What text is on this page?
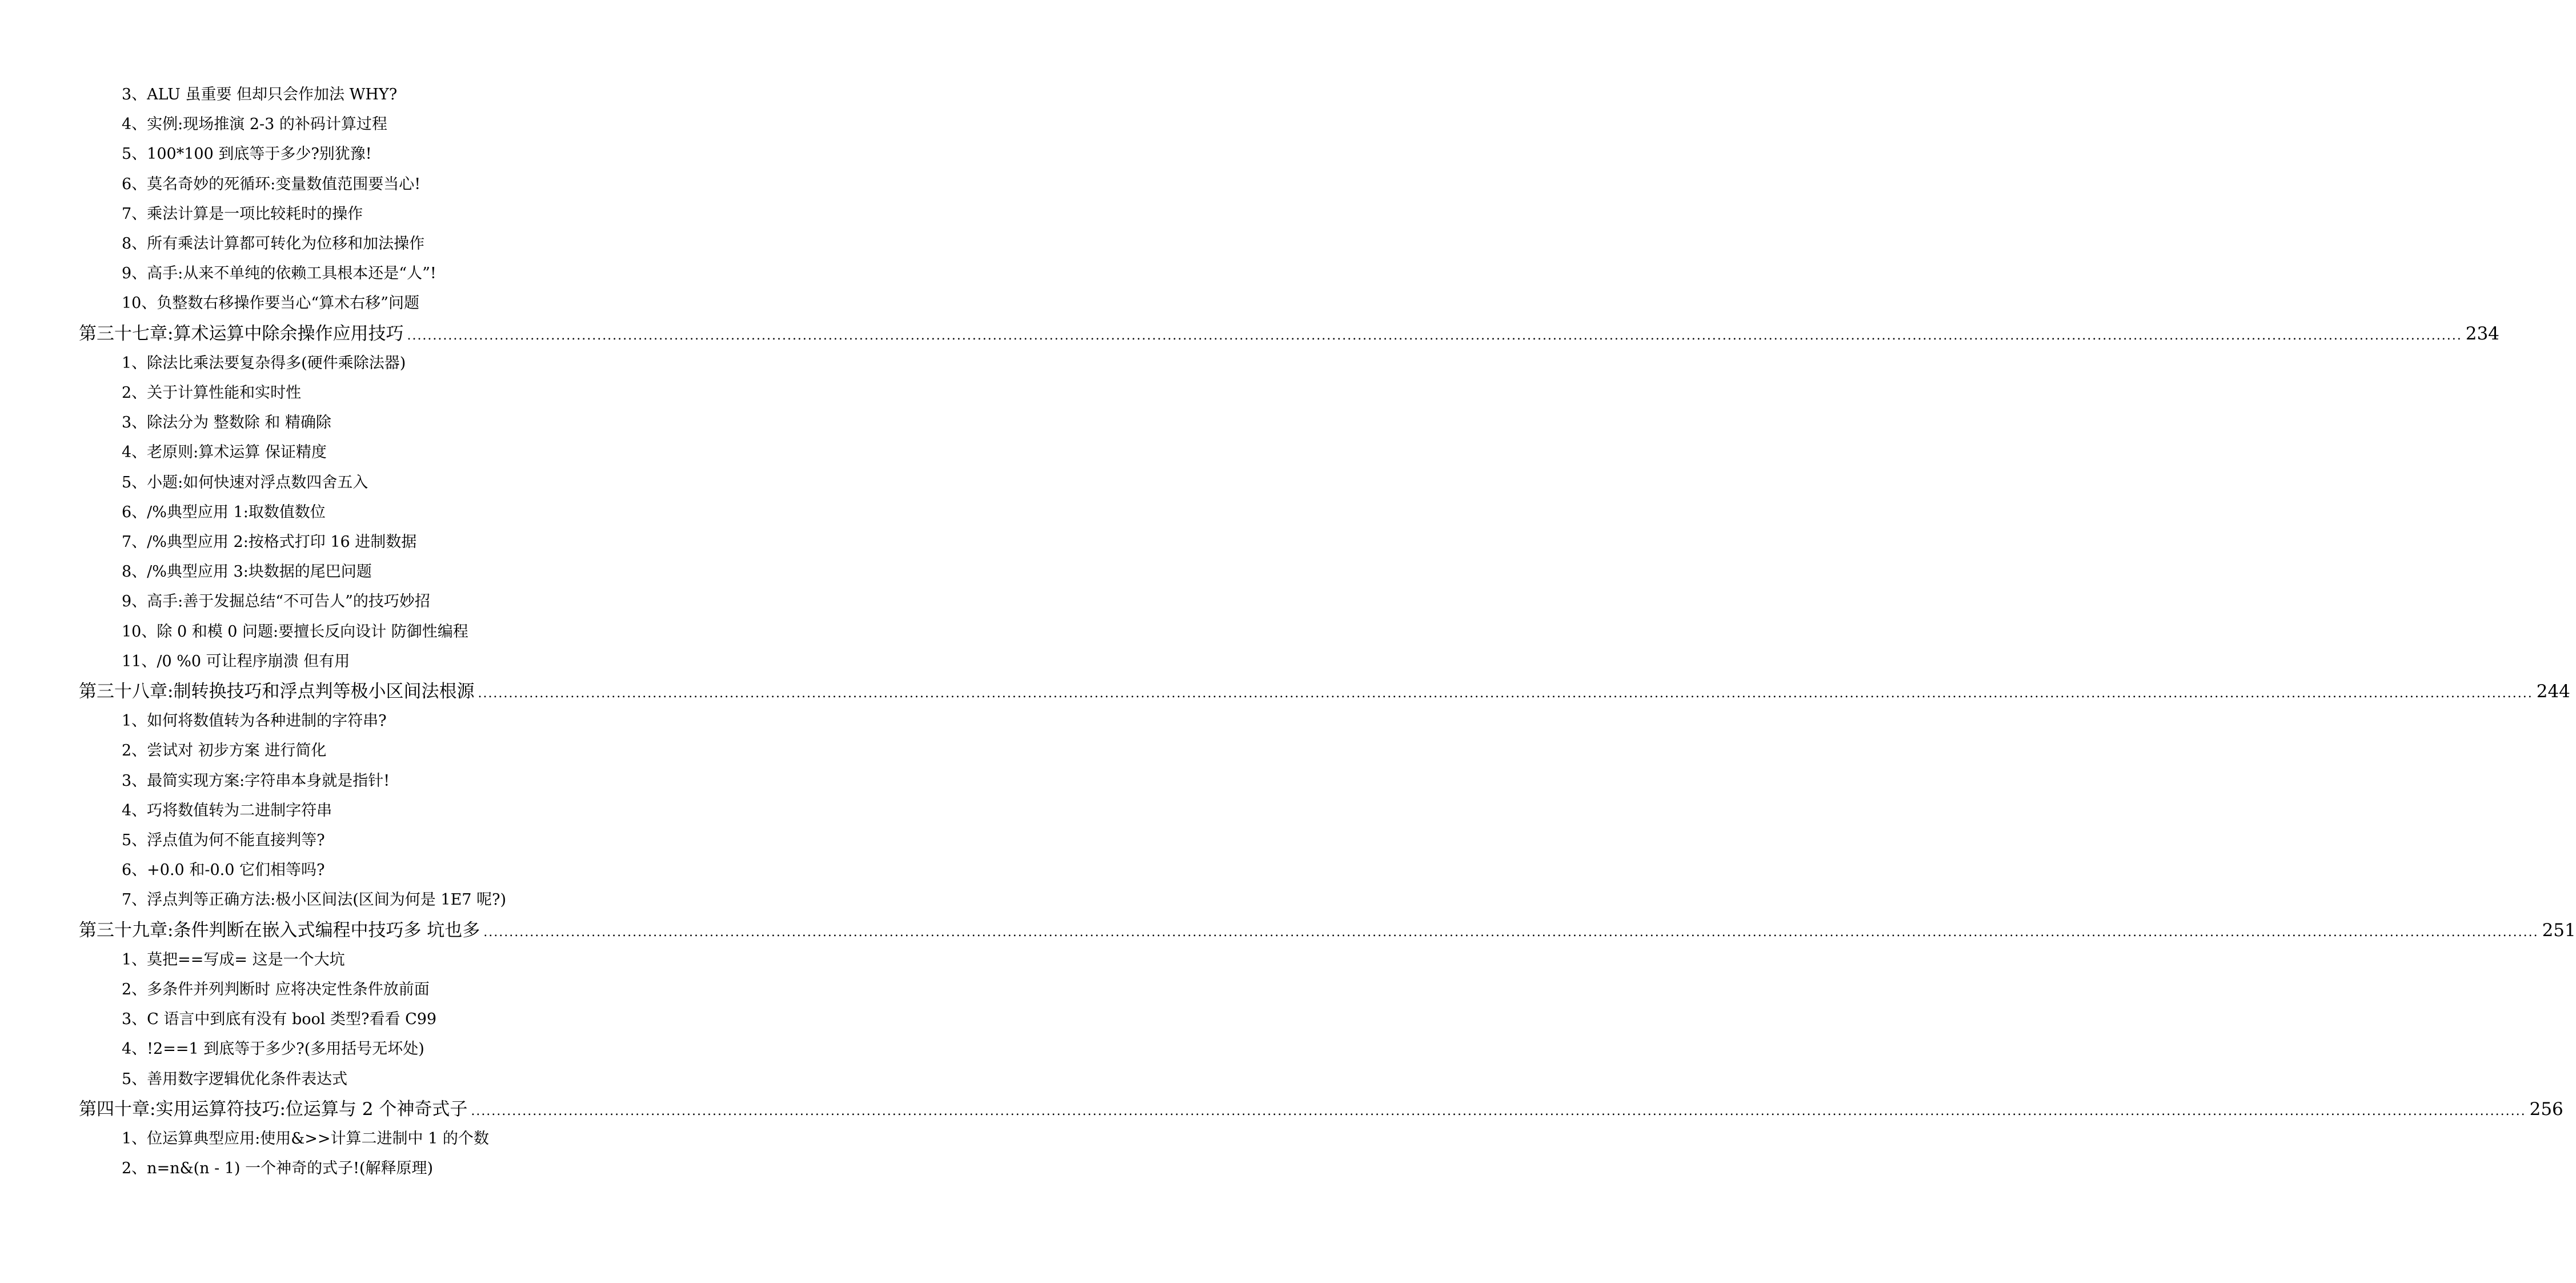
3、ALU 虽重要 但却只会作加法 WHY?
4、实例:现场推演 2-3 的补码计算过程
5、100*100 到底等于多少?别犹豫!
6、莫名奇妙的死循环:变量数值范围要当心!
7、乘法计算是一项比较耗时的操作
8、所有乘法计算都可转化为位移和加法操作
9、高手:从来不单纯的依赖工具根本还是“人”!
10、负整数右移操作要当心“算术右移”问题
第三十七章:算术运算中除余操作应用技巧 ................................................................................................................................................................................................................................................................................................................................................................................................................ 234
1、除法比乘法要复杂得多(硬件乘除法器)
2、关于计算性能和实时性
3、除法分为 整数除 和 精确除
4、老原则:算术运算 保证精度
5、小题:如何快速对浮点数四舍五入
6、/%典型应用 1:取数值数位
7、/%典型应用 2:按格式打印 16 进制数据
8、/%典型应用 3:块数据的尾巴问题
9、高手:善于发掘总结“不可告人”的技巧妙招
10、除 0 和模 0 问题:要擅长反向设计 防御性编程
11、/0 %0 可让程序崩溃 但有用
第三十八章:制转换技巧和浮点判等极小区间法根源 ................................................................................................................................................................................................................................................................................................................................................................................................................ 244
1、如何将数值转为各种进制的字符串?
2、尝试对 初步方案 进行简化
3、最简实现方案:字符串本身就是指针!
4、巧将数值转为二进制字符串
5、浮点值为何不能直接判等?
6、+0.0 和-0.0 它们相等吗?
7、浮点判等正确方法:极小区间法(区间为何是 1E7 呢?)
第三十九章:条件判断在嵌入式编程中技巧多 坑也多 ................................................................................................................................................................................................................................................................................................................................................................................................................ 251
1、莫把==写成= 这是一个大坑
2、多条件并列判断时 应将决定性条件放前面
3、C 语言中到底有没有 bool 类型?看看 C99
4、!2==1 到底等于多少?(多用括号无坏处)
5、善用数字逻辑优化条件表达式
第四十章:实用运算符技巧:位运算与 2 个神奇式子 ................................................................................................................................................................................................................................................................................................................................................................................................................ 256
1、位运算典型应用:使用&>>计算二进制中 1 的个数
2、n=n&(n - 1) 一个神奇的式子!(解释原理)
